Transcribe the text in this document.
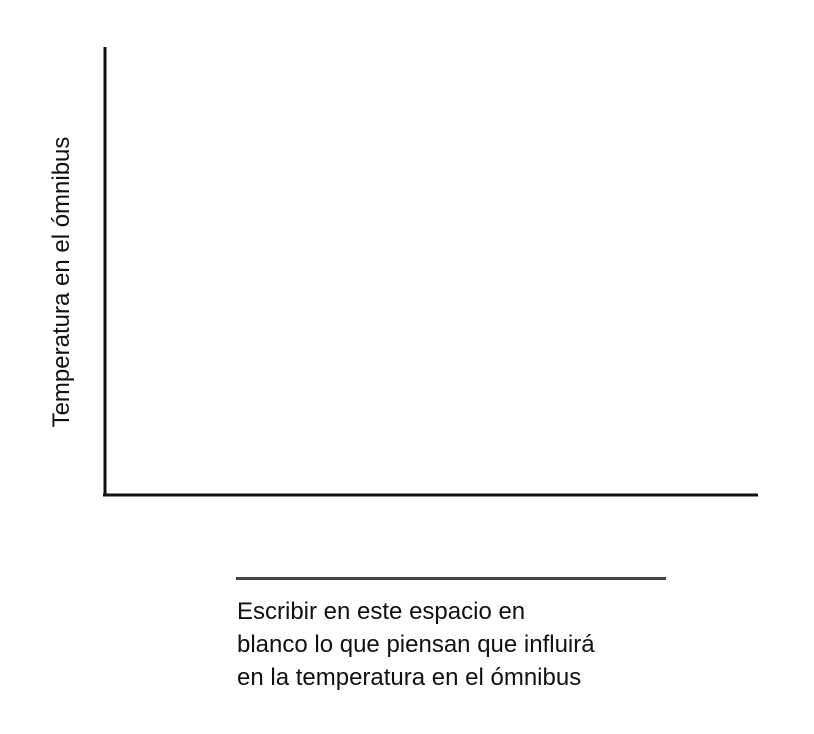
Temperatura en el ómnibus
Escribir en este espacio en
blanco lo que piensan que influirá
en la temperatura en el ómnibus
